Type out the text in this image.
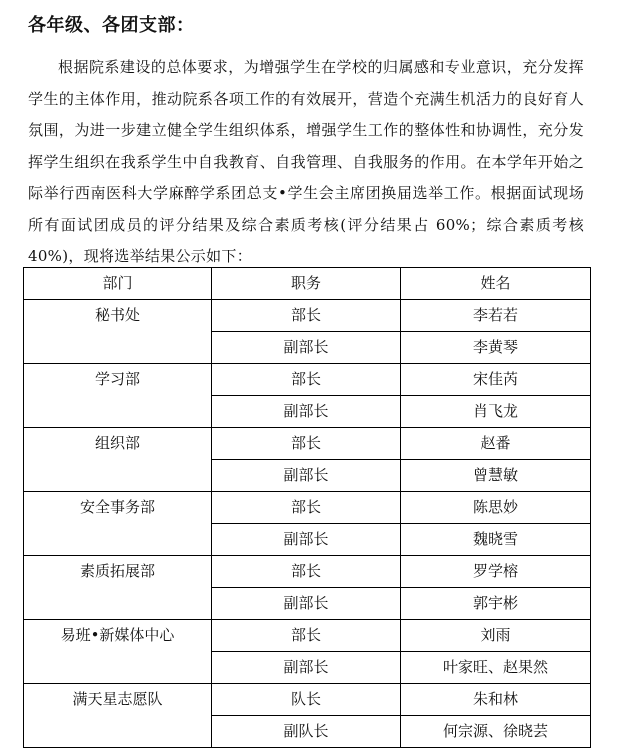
各年级、各团支部：

根据院系建设的总体要求，为增强学生在学校的归属感和专业意识，充分发挥学生的主体作用，推动院系各项工作的有效展开，营造个充满生机活力的良好育人氛围，为进一步建立健全学生组织体系，增强学生工作的整体性和协调性，充分发挥学生组织在我系学生中自我教育、自我管理、自我服务的作用。在本学年开始之际举行西南医科大学麻醉学系团总支•学生会主席团换届选举工作。根据面试现场所有面试团成员的评分结果及综合素质考核(评分结果占 60%；综合素质考核 40%)，现将选举结果公示如下：

部门	职务	姓名
秘书处	部长	李若若
	副部长	李黄琴
学习部	部长	宋佳芮
	副部长	肖飞龙
组织部	部长	赵番
	副部长	曾慧敏
安全事务部	部长	陈思妙
	副部长	魏晓雪
素质拓展部	部长	罗学榕
	副部长	郭宇彬
易班•新媒体中心	部长	刘雨
	副部长	叶家旺、赵果然
满天星志愿队	队长	朱和林
	副队长	何宗源、徐晓芸
